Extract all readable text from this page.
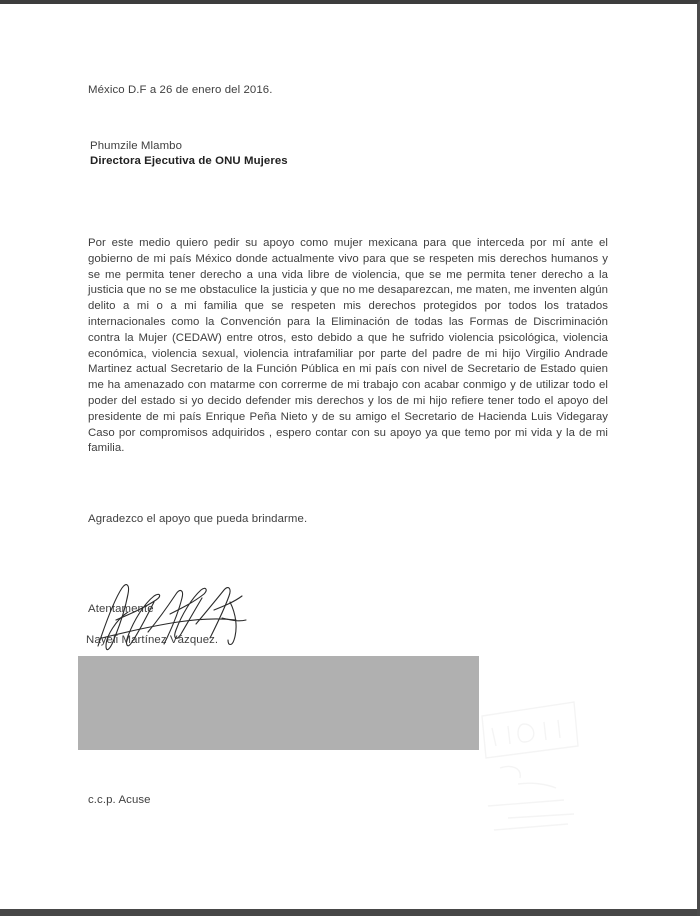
México D.F a 26 de enero del 2016.
Phumzile Mlambo
Directora Ejecutiva de ONU Mujeres
Por este medio quiero pedir su apoyo como mujer mexicana para que interceda por mí ante el gobierno de mi país México donde actualmente vivo para que se respeten mis derechos humanos y se me permita tener derecho a una vida libre de violencia, que se me permita tener derecho a la justicia que no se me obstaculice la justicia y que no me desaparezcan, me maten, me inventen algún delito a mi o a mi familia que se respeten mis derechos protegidos por todos los tratados internacionales como la Convención para la Eliminación de todas las Formas de Discriminación contra la Mujer (CEDAW) entre otros, esto debido a que he sufrido violencia psicológica, violencia económica, violencia sexual, violencia intrafamiliar por parte del padre de mi hijo Virgilio Andrade Martinez actual Secretario de la Función Pública en mi país con nivel de Secretario de Estado quien me ha amenazado con matarme con correrme de mi trabajo con acabar conmigo y de utilizar todo el poder del estado si yo decido defender mis derechos y los de mi hijo refiere tener todo el apoyo del presidente de mi país Enrique Peña Nieto y de su amigo el Secretario de Hacienda Luis Videgaray Caso por compromisos adquiridos , espero contar con su apoyo ya que temo por mi vida y la de mi familia.
Agradezco el apoyo que pueda brindarme.
Atentamente
Nayeli Martínez Vázquez.
c.c.p. Acuse
